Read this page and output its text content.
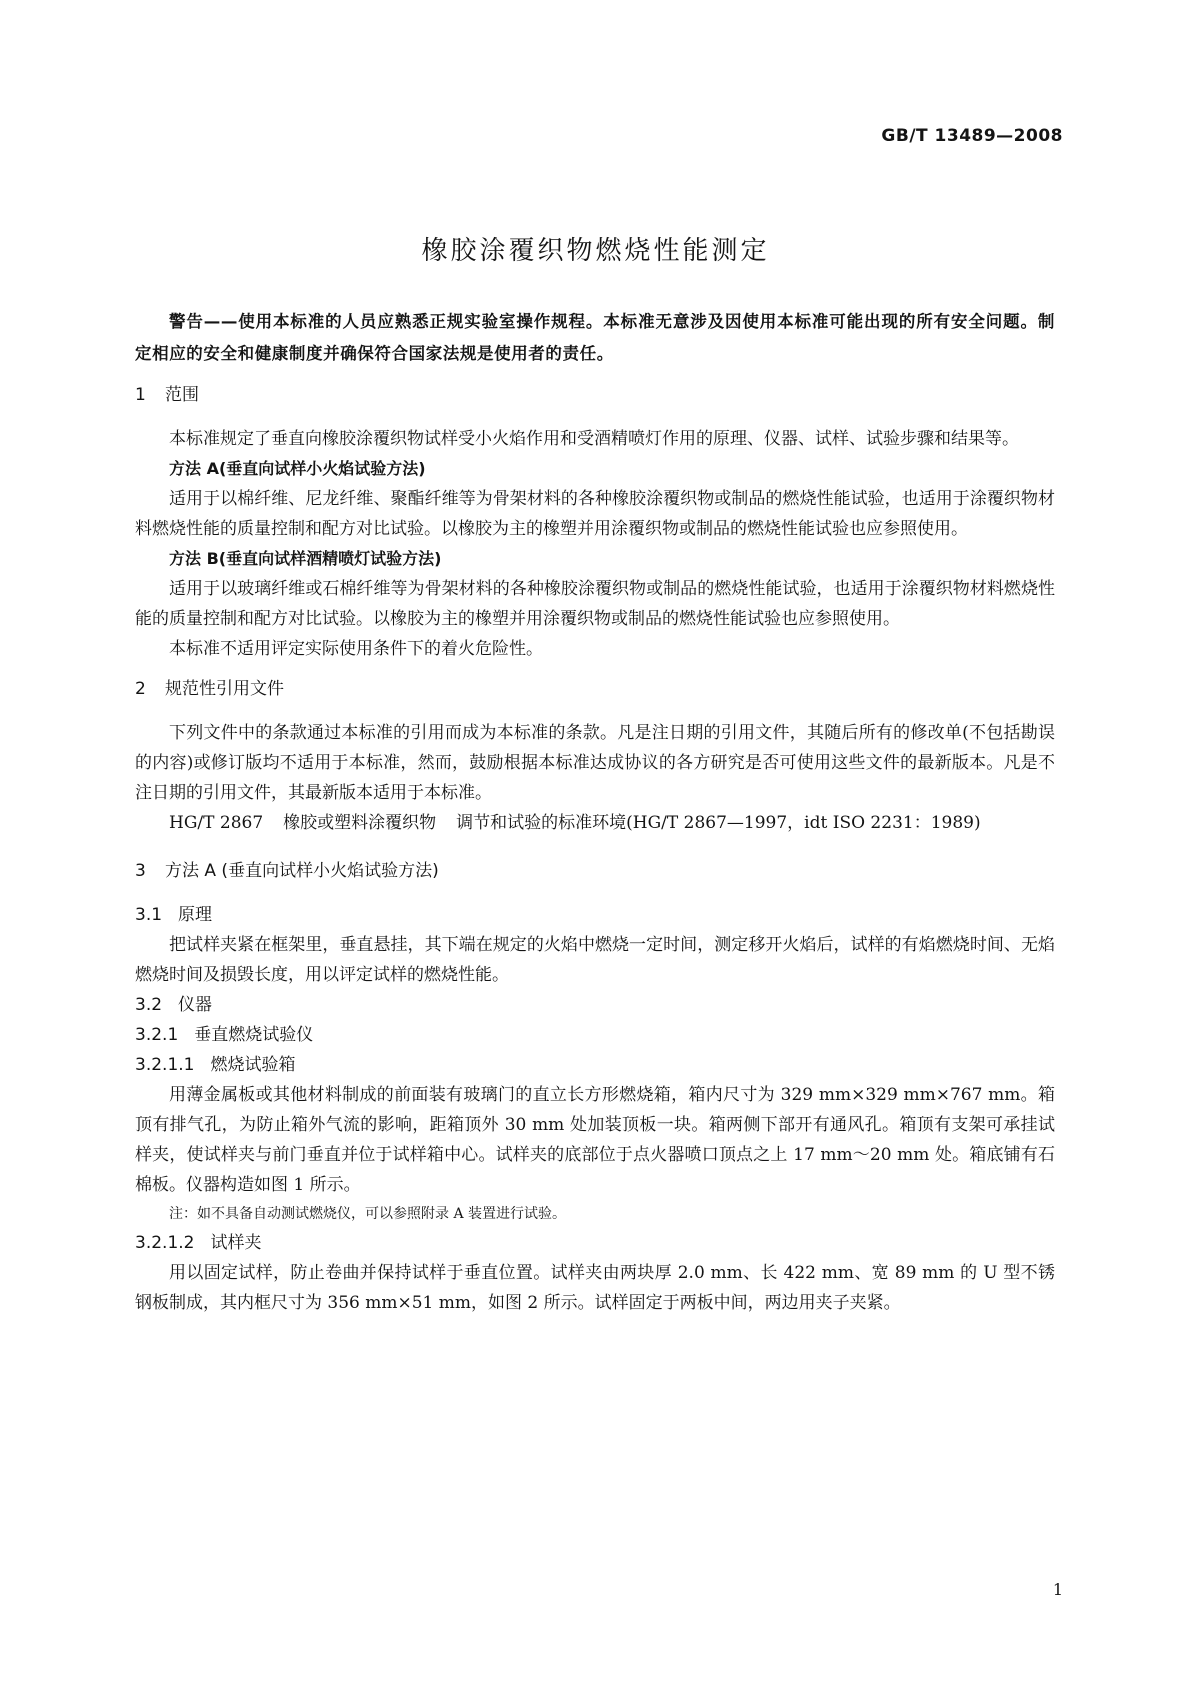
GB/T 13489—2008
橡胶涂覆织物燃烧性能测定

警告——使用本标准的人员应熟悉正规实验室操作规程。本标准无意涉及因使用本标准可能出现的所有安全问题。制定相应的安全和健康制度并确保符合国家法规是使用者的责任。

1 范围

本标准规定了垂直向橡胶涂覆织物试样受小火焰作用和受酒精喷灯作用的原理、仪器、试样、试验步骤和结果等。

方法 A(垂直向试样小火焰试验方法)

适用于以棉纤维、尼龙纤维、聚酯纤维等为骨架材料的各种橡胶涂覆织物或制品的燃烧性能试验，也适用于涂覆织物材料燃烧性能的质量控制和配方对比试验。以橡胶为主的橡塑并用涂覆织物或制品的燃烧性能试验也应参照使用。

方法 B(垂直向试样酒精喷灯试验方法)

适用于以玻璃纤维或石棉纤维等为骨架材料的各种橡胶涂覆织物或制品的燃烧性能试验，也适用于涂覆织物材料燃烧性能的质量控制和配方对比试验。以橡胶为主的橡塑并用涂覆织物或制品的燃烧性能试验也应参照使用。

本标准不适用评定实际使用条件下的着火危险性。

2 规范性引用文件

下列文件中的条款通过本标准的引用而成为本标准的条款。凡是注日期的引用文件，其随后所有的修改单(不包括勘误的内容)或修订版均不适用于本标准，然而，鼓励根据本标准达成协议的各方研究是否可使用这些文件的最新版本。凡是不注日期的引用文件，其最新版本适用于本标准。

HG/T 2867 橡胶或塑料涂覆织物 调节和试验的标准环境(HG/T 2867—1997，idt ISO 2231：1989)

3 方法 A (垂直向试样小火焰试验方法)

3.1 原理

把试样夹紧在框架里，垂直悬挂，其下端在规定的火焰中燃烧一定时间，测定移开火焰后，试样的有焰燃烧时间、无焰燃烧时间及损毁长度，用以评定试样的燃烧性能。

3.2 仪器

3.2.1 垂直燃烧试验仪

3.2.1.1 燃烧试验箱

用薄金属板或其他材料制成的前面装有玻璃门的直立长方形燃烧箱，箱内尺寸为 329 mm×329 mm×767 mm。箱顶有排气孔，为防止箱外气流的影响，距箱顶外 30 mm 处加装顶板一块。箱两侧下部开有通风孔。箱顶有支架可承挂试样夹，使试样夹与前门垂直并位于试样箱中心。试样夹的底部位于点火器喷口顶点之上 17 mm～20 mm 处。箱底铺有石棉板。仪器构造如图 1 所示。

注：如不具备自动测试燃烧仪，可以参照附录 A 装置进行试验。

3.2.1.2 试样夹

用以固定试样，防止卷曲并保持试样于垂直位置。试样夹由两块厚 2.0 mm、长 422 mm、宽 89 mm 的 U 型不锈钢板制成，其内框尺寸为 356 mm×51 mm，如图 2 所示。试样固定于两板中间，两边用夹子夹紧。

1
